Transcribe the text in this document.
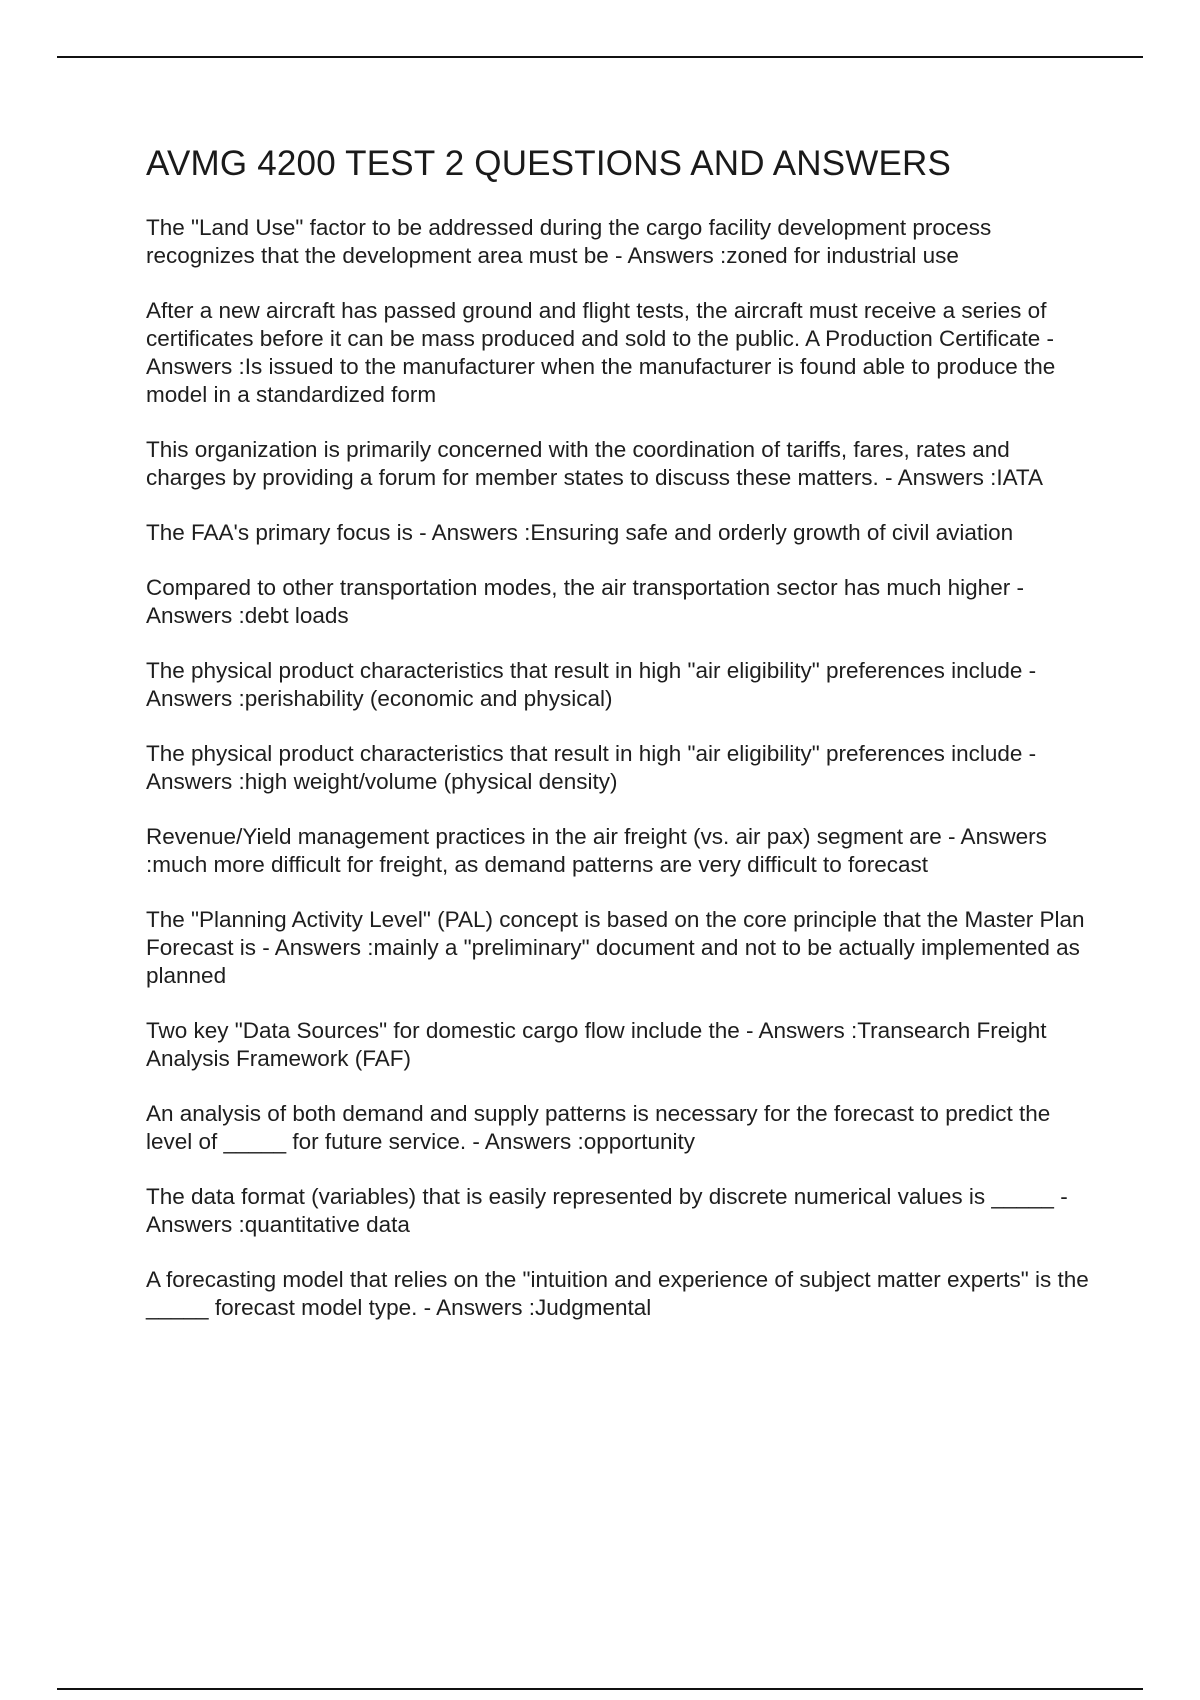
AVMG 4200 TEST 2 QUESTIONS AND ANSWERS

The "Land Use" factor to be addressed during the cargo facility development process recognizes that the development area must be - Answers :zoned for industrial use

After a new aircraft has passed ground and flight tests, the aircraft must receive a series of certificates before it can be mass produced and sold to the public. A Production Certificate - Answers :Is issued to the manufacturer when the manufacturer is found able to produce the model in a standardized form

This organization is primarily concerned with the coordination of tariffs, fares, rates and charges by providing a forum for member states to discuss these matters. - Answers :IATA

The FAA's primary focus is - Answers :Ensuring safe and orderly growth of civil aviation

Compared to other transportation modes, the air transportation sector has much higher - Answers :debt loads

The physical product characteristics that result in high "air eligibility" preferences include - Answers :perishability (economic and physical)

The physical product characteristics that result in high "air eligibility" preferences include - Answers :high weight/volume (physical density)

Revenue/Yield management practices in the air freight (vs. air pax) segment are - Answers :much more difficult for freight, as demand patterns are very difficult to forecast

The "Planning Activity Level" (PAL) concept is based on the core principle that the Master Plan Forecast is - Answers :mainly a "preliminary" document and not to be actually implemented as planned

Two key "Data Sources" for domestic cargo flow include the - Answers :Transearch Freight Analysis Framework (FAF)

An analysis of both demand and supply patterns is necessary for the forecast to predict the level of _____ for future service. - Answers :opportunity

The data format (variables) that is easily represented by discrete numerical values is _____ - Answers :quantitative data

A forecasting model that relies on the "intuition and experience of subject matter experts" is the _____ forecast model type. - Answers :Judgmental
